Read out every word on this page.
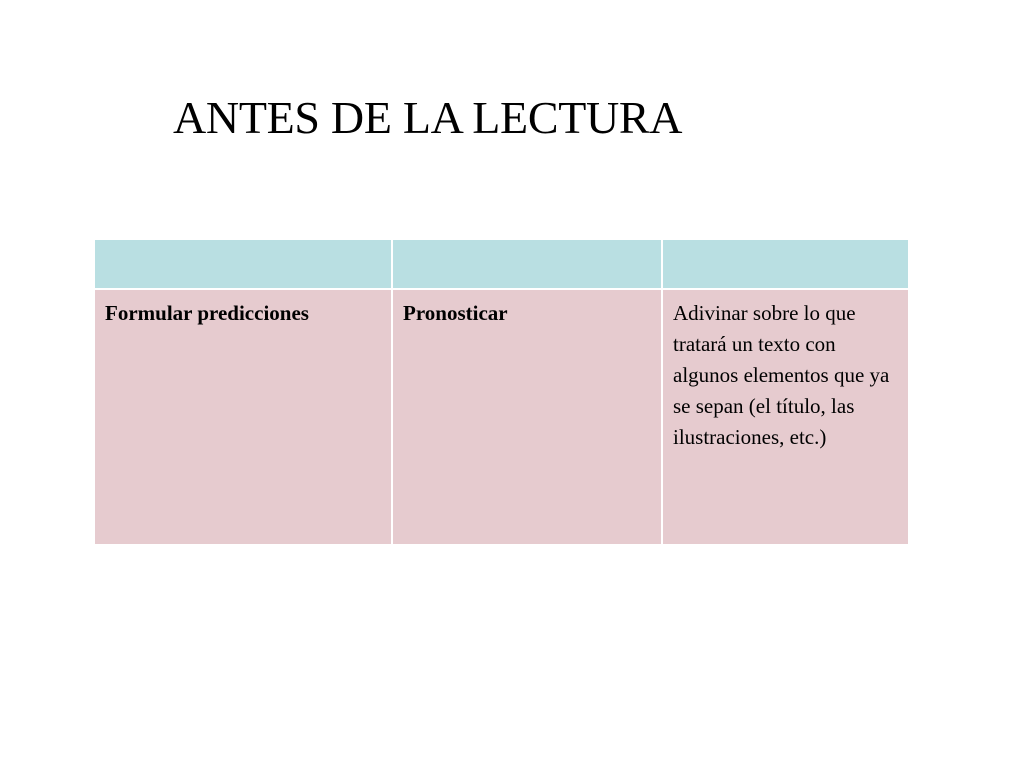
ANTES DE LA LECTURA

Formular predicciones	Pronosticar	Adivinar sobre lo que tratará un texto con algunos elementos que ya se sepan (el título, las ilustraciones, etc.)
